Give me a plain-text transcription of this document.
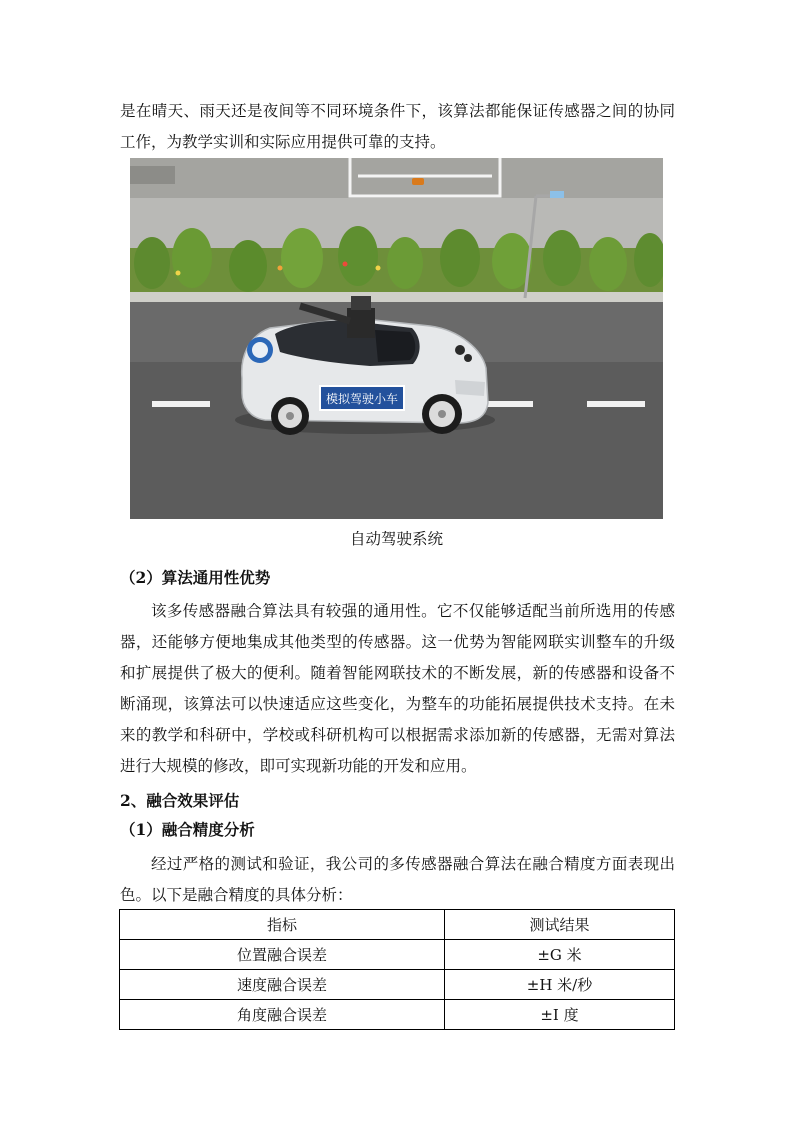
是在晴天、雨天还是夜间等不同环境条件下，该算法都能保证传感器之间的协同工作，为教学实训和实际应用提供可靠的支持。

模拟驾驶小车
自动驾驶系统
（2）算法通用性优势

该多传感器融合算法具有较强的通用性。它不仅能够适配当前所选用的传感器，还能够方便地集成其他类型的传感器。这一优势为智能网联实训整车的升级和扩展提供了极大的便利。随着智能网联技术的不断发展，新的传感器和设备不断涌现，该算法可以快速适应这些变化，为整车的功能拓展提供技术支持。在未来的教学和科研中，学校或科研机构可以根据需求添加新的传感器，无需对算法进行大规模的修改，即可实现新功能的开发和应用。

2、融合效果评估
（1）融合精度分析

经过严格的测试和验证，我公司的多传感器融合算法在融合精度方面表现出色。以下是融合精度的具体分析：

指标	测试结果
位置融合误差	±G 米
速度融合误差	±H 米/秒
角度融合误差	±I 度
